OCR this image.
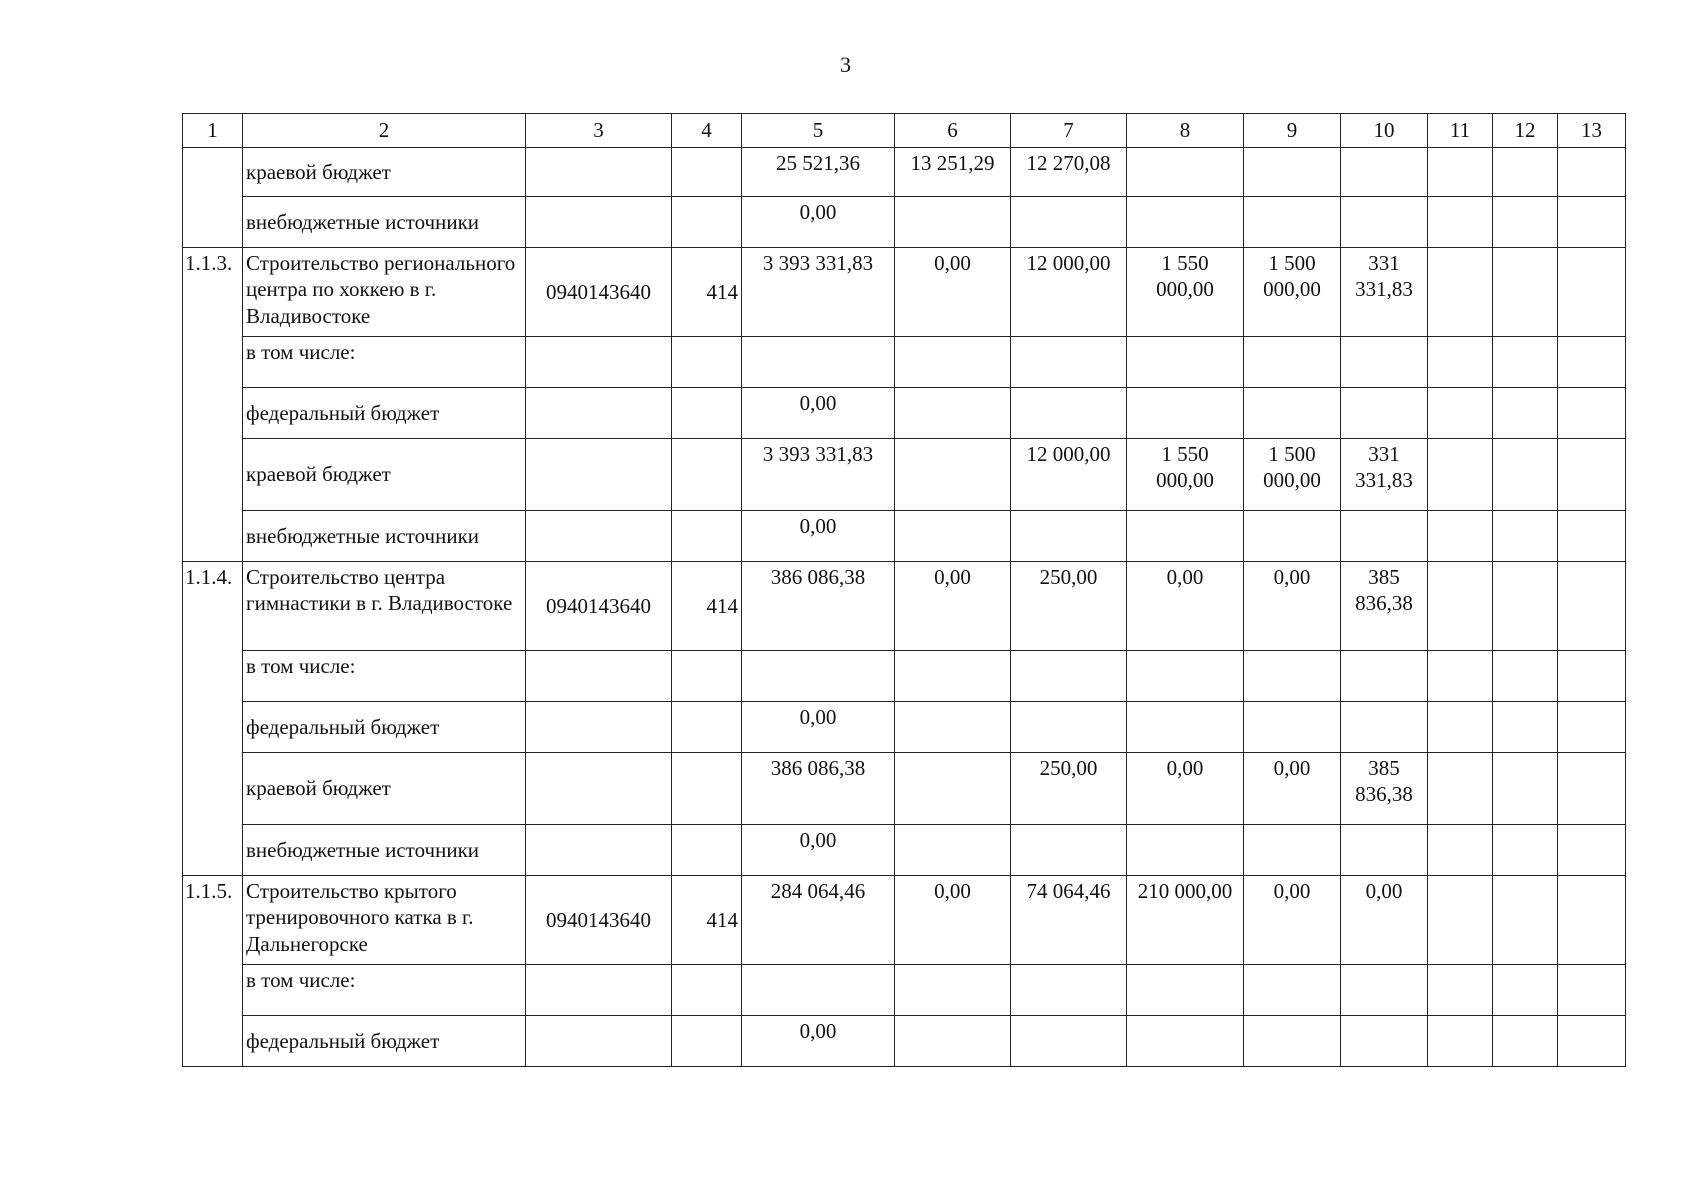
3
1	2	3	4	5	6	7	8	9	10	11	12	13
	краевой бюджет			25 521,36	13 251,29	12 270,08						
	внебюджетные источники			0,00								
1.1.3.	Строительство регионального центра по хоккею в г. Владивостоке	0940143640	414	3 393 331,83	0,00	12 000,00	1 550 000,00	1 500 000,00	331 331,83			
	в том числе:											
	федеральный бюджет			0,00								
	краевой бюджет			3 393 331,83		12 000,00	1 550 000,00	1 500 000,00	331 331,83			
	внебюджетные источники			0,00								
1.1.4.	Строительство центра гимнастики в г. Владивостоке	0940143640	414	386 086,38	0,00	250,00	0,00	0,00	385 836,38			
	в том числе:											
	федеральный бюджет			0,00								
	краевой бюджет			386 086,38		250,00	0,00	0,00	385 836,38			
	внебюджетные источники			0,00								
1.1.5.	Строительство крытого тренировочного катка в г. Дальнегорске	0940143640	414	284 064,46	0,00	74 064,46	210 000,00	0,00	0,00			
	в том числе:											
	федеральный бюджет			0,00								
